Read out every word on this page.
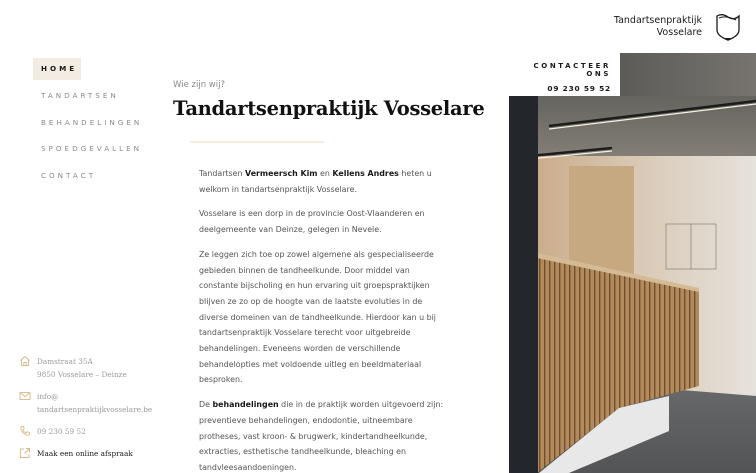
Tandartsenpraktijk
Vosselare
HOME
TANDARTSEN
BEHANDELINGEN
SPOEDGEVALLEN
CONTACT
Wie zijn wij?
Tandartsenpraktijk Vosselare

Tandartsen Vermeersch Kim en Kellens Andres heten u welkom in tandartsenpraktijk Vosselare.

Vosselare is een dorp in de provincie Oost-Vlaanderen en deelgemeente van Deinze, gelegen in Nevele.

Ze leggen zich toe op zowel algemene als gespecialiseerde gebieden binnen de tandheelkunde. Door middel van constante bijscholing en hun ervaring uit groepspraktijken blijven ze zo op de hoogte van de laatste evoluties in de diverse domeinen van de tandheelkunde. Hierdoor kan u bij tandartsenpraktijk Vosselare terecht voor uitgebreide behandelingen. Eveneens worden de verschillende behandelopties met voldoende uitleg en beeldmateriaal besproken.

De behandelingen die in de praktijk worden uitgevoerd zijn: preventieve behandelingen, endodontie, uitneembare protheses, vast kroon- & brugwerk, kindertandheelkunde, extracties, esthetische tandheelkunde, bleaching en tandvleesaandoeningen.

Damstraat 35A
9850 Vosselare – Deinze
info@
tandartsenpraktijkvosselare.be
09 230 59 52
Maak een online afspraak
CONTACTEER ONS
09 230 59 52
